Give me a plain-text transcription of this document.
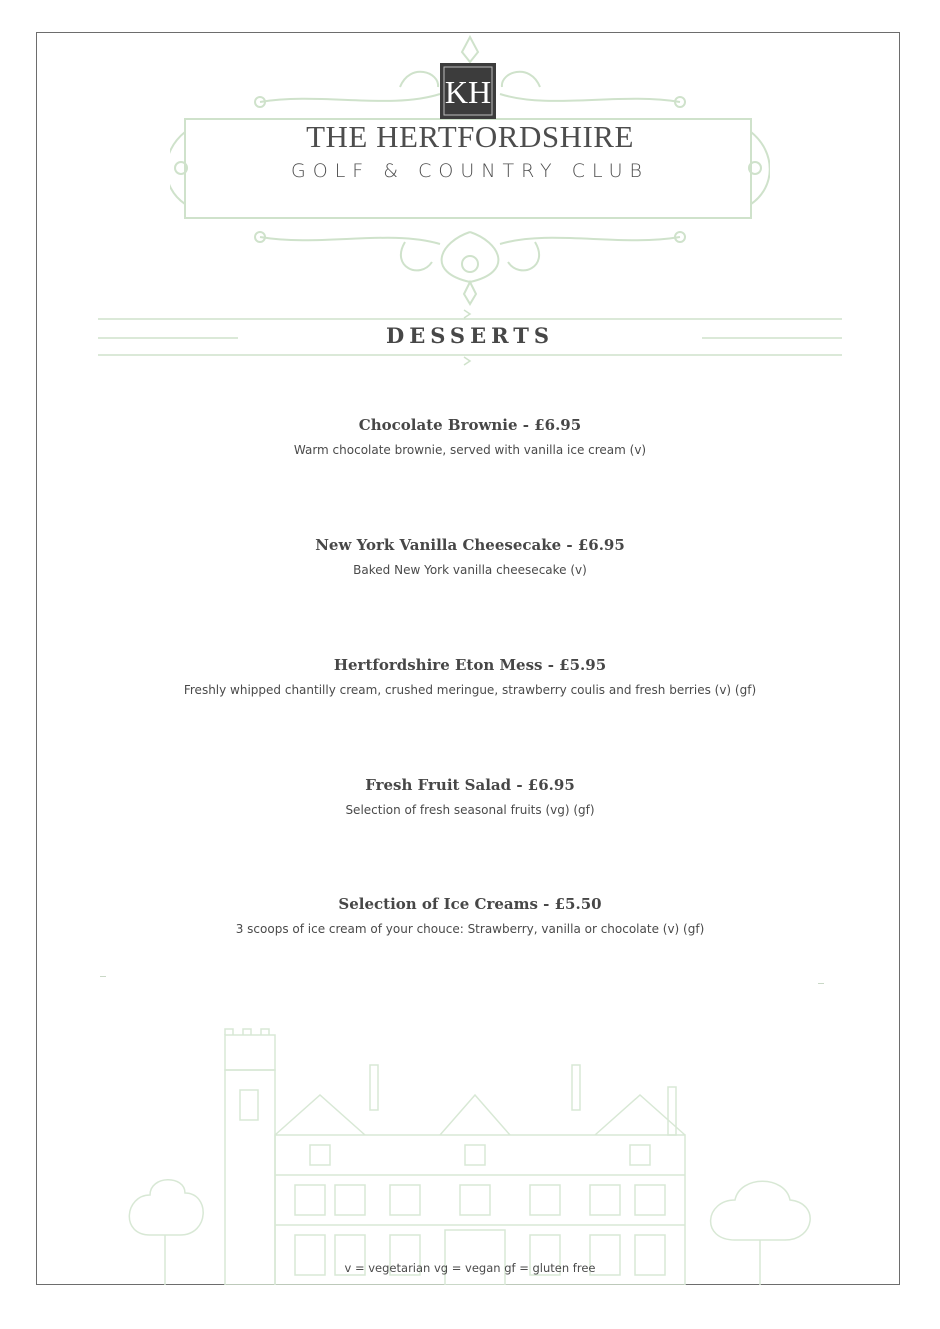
KH
THE HERTFORDSHIRE
GOLF & COUNTRY CLUB
DESSERTS
Chocolate Brownie - £6.95
Warm chocolate brownie, served with vanilla ice cream (v)
New York Vanilla Cheesecake - £6.95
Baked New York vanilla cheesecake (v)
Hertfordshire Eton Mess - £5.95
Freshly whipped chantilly cream, crushed meringue, strawberry coulis and fresh berries (v) (gf)
Fresh Fruit Salad - £6.95
Selection of fresh seasonal fruits (vg) (gf)
Selection of Ice Creams - £5.50
3 scoops of ice cream of your chouce: Strawberry, vanilla or chocolate (v) (gf)
v = vegetarian vg = vegan gf = gluten free
